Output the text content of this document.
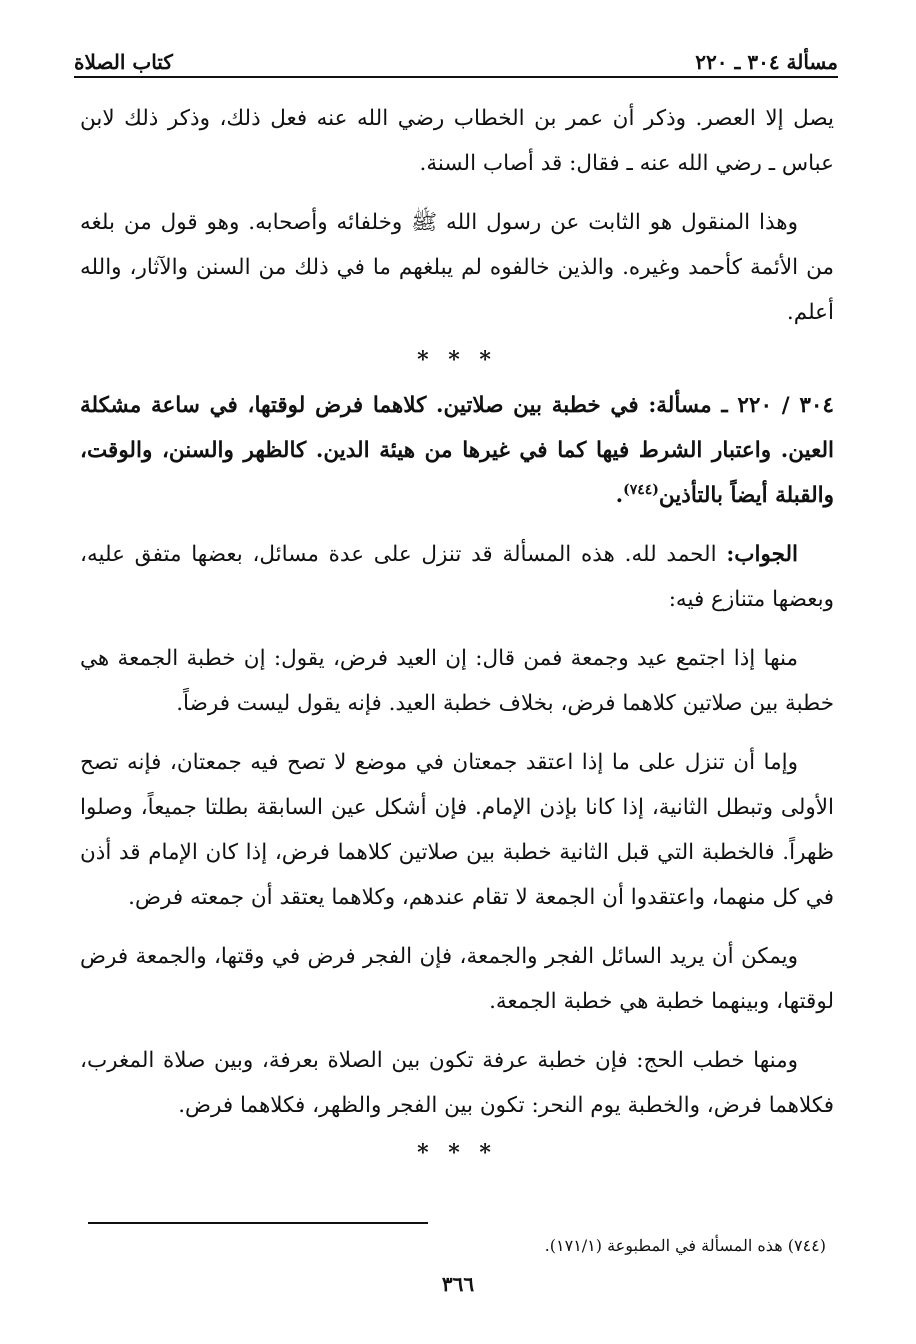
مسألة ٣٠٤ ـ ٢٢٠
كتاب الصلاة

يصل إلا العصر. وذكر أن عمر بن الخطاب رضي الله عنه فعل ذلك، وذكر ذلك لابن عباس ـ رضي الله عنه ـ فقال: قد أصاب السنة.

وهذا المنقول هو الثابت عن رسول الله ﷺ وخلفائه وأصحابه. وهو قول من بلغه من الأئمة كأحمد وغيره. والذين خالفوه لم يبلغهم ما في ذلك من السنن والآثار، والله أعلم.

* * *

٣٠٤ / ٢٢٠ ـ مسألة: في خطبة بين صلاتين. كلاهما فرض لوقتها، في ساعة مشكلة العين. واعتبار الشرط فيها كما في غيرها من هيئة الدين. كالظهر والسنن، والوقت، والقبلة أيضاً بالتأذين$^{(٧٤٤)}$.

الجواب: الحمد لله. هذه المسألة قد تنزل على عدة مسائل، بعضها متفق عليه، وبعضها متنازع فيه:

منها إذا اجتمع عيد وجمعة فمن قال: إن العيد فرض، يقول: إن خطبة الجمعة هي خطبة بين صلاتين كلاهما فرض، بخلاف خطبة العيد. فإنه يقول ليست فرضاً.

وإما أن تنزل على ما إذا اعتقد جمعتان في موضع لا تصح فيه جمعتان، فإنه تصح الأولى وتبطل الثانية، إذا كانا بإذن الإمام. فإن أشكل عين السابقة بطلتا جميعاً، وصلوا ظهراً. فالخطبة التي قبل الثانية خطبة بين صلاتين كلاهما فرض، إذا كان الإمام قد أذن في كل منهما، واعتقدوا أن الجمعة لا تقام عندهم، وكلاهما يعتقد أن جمعته فرض.

ويمكن أن يريد السائل الفجر والجمعة، فإن الفجر فرض في وقتها، والجمعة فرض لوقتها، وبينهما خطبة هي خطبة الجمعة.

ومنها خطب الحج: فإن خطبة عرفة تكون بين الصلاة بعرفة، وبين صلاة المغرب، فكلاهما فرض، والخطبة يوم النحر: تكون بين الفجر والظهر، فكلاهما فرض.

* * *
(٧٤٤) هذه المسألة في المطبوعة (١٧١/١).
٣٦٦
